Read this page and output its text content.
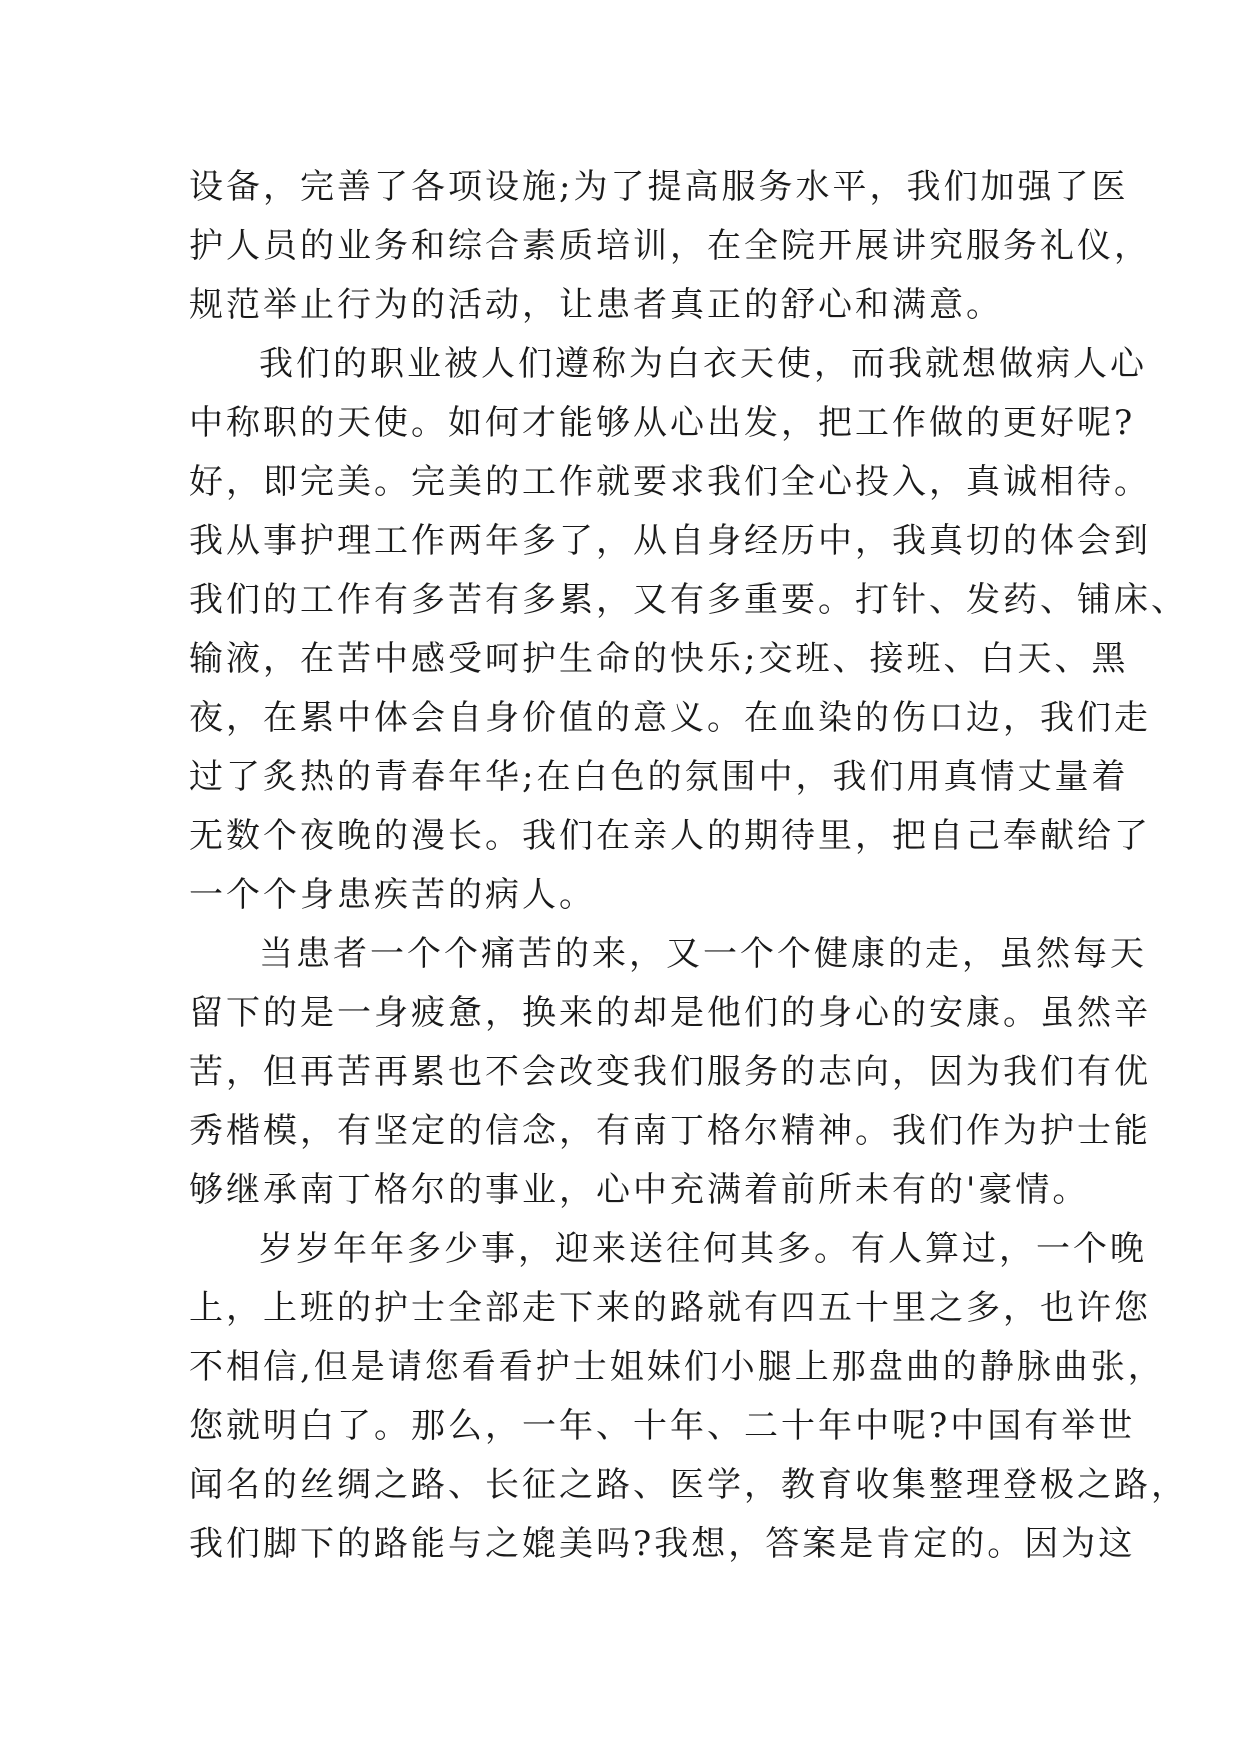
设备，完善了各项设施;为了提高服务水平，我们加强了医
护人员的业务和综合素质培训，在全院开展讲究服务礼仪，
规范举止行为的活动，让患者真正的舒心和满意。
我们的职业被人们遵称为白衣天使，而我就想做病人心
中称职的天使。如何才能够从心出发，把工作做的更好呢?
好，即完美。完美的工作就要求我们全心投入，真诚相待。
我从事护理工作两年多了，从自身经历中，我真切的体会到
我们的工作有多苦有多累，又有多重要。打针、发药、铺床、
输液，在苦中感受呵护生命的快乐;交班、接班、白天、黑
夜，在累中体会自身价值的意义。在血染的伤口边，我们走
过了炙热的青春年华;在白色的氛围中，我们用真情丈量着
无数个夜晚的漫长。我们在亲人的期待里，把自己奉献给了
一个个身患疾苦的病人。
当患者一个个痛苦的来，又一个个健康的走，虽然每天
留下的是一身疲惫，换来的却是他们的身心的安康。虽然辛
苦，但再苦再累也不会改变我们服务的志向，因为我们有优
秀楷模，有坚定的信念，有南丁格尔精神。我们作为护士能
够继承南丁格尔的事业，心中充满着前所未有的'豪情。
岁岁年年多少事，迎来送往何其多。有人算过，一个晚
上，上班的护士全部走下来的路就有四五十里之多，也许您
不相信,但是请您看看护士姐妹们小腿上那盘曲的静脉曲张，
您就明白了。那么，一年、十年、二十年中呢?中国有举世
闻名的丝绸之路、长征之路、医学，教育收集整理登极之路，
我们脚下的路能与之媲美吗?我想，答案是肯定的。因为这
